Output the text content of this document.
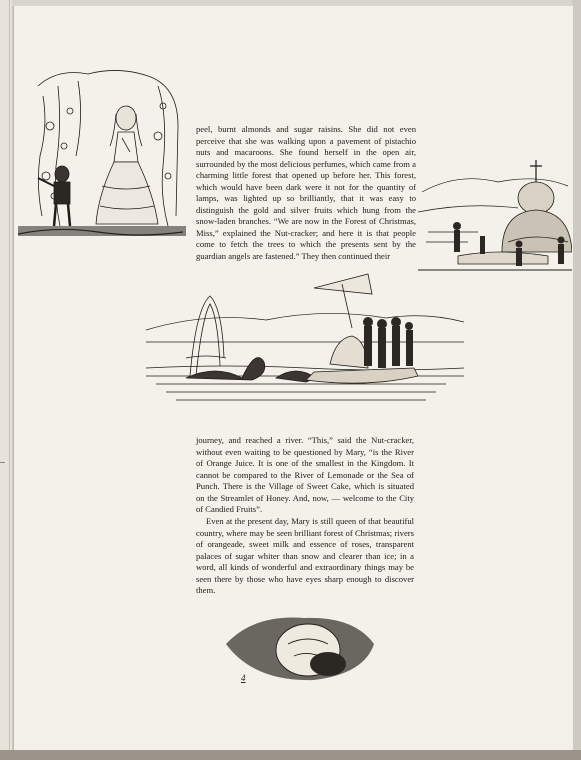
peel, burnt almonds and sugar raisins. She did not even perceive that she was walking upon a pavement of pistachio nuts and macaroons. She found herself in the open air, surrounded by the most delicious perfumes, which came from a charming little forest that opened up before her. This forest, which would have been dark were it not for the quantity of lamps, was lighted up so brilliantly, that it was easy to distinguish the gold and silver fruits which hung from the snow-laden branches. “We are now in the Forest of Christmas, Miss,” explained the Nut-cracker; and here it is that people come to fetch the trees to which the presents sent by the guardian angels are fastened.” They then continued their

journey, and reached a river. “This,” said the Nut-cracker, without even waiting to be questioned by Mary, “is the River of Orange Juice. It is one of the smallest in the Kingdom. It cannot be compared to the River of Lemonade or the Sea of Punch. There is the Village of Sweet Cake, which is situated on the Streamlet of Honey. And, now, — welcome to the City of Candied Fruits”.

Even at the present day, Mary is still queen of that beautiful country, where may be seen brilliant forest of Christmas; rivers of orangeade, sweet milk and essence of roses, transparent palaces of sugar whiter than snow and clearer than ice; in a word, all kinds of wonderful and extraordinary things may be seen there by those who have eyes sharp enough to discover them.

4
